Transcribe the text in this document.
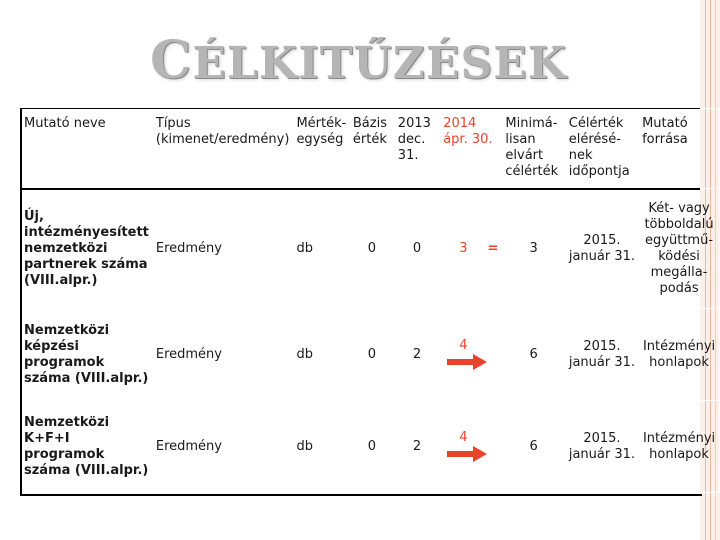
CÉLKITŰZÉSEK
Mutató neve	Típus (kimenet/eredmény)	Mértékegység	Bázis érték	2013 dec. 31.	2014 ápr. 30.	Minimálisan elvárt célérték	Célérték elérésének időpontja	Mutató forrása
Új, intézményesített nemzetközi partnerek száma (VIII.alpr.)	Eredmény	db	0	0	3 =	3	2015. január 31.	Két- vagy többoldalú együttműködési megállapodás
Nemzetközi képzési programok száma (VIII.alpr.)	Eredmény	db	0	2	4	6	2015. január 31.	Intézményi honlapok
Nemzetközi K+F+I programok száma (VIII.alpr.)	Eredmény	db	0	2	4	6	2015. január 31.	Intézményi honlapok
